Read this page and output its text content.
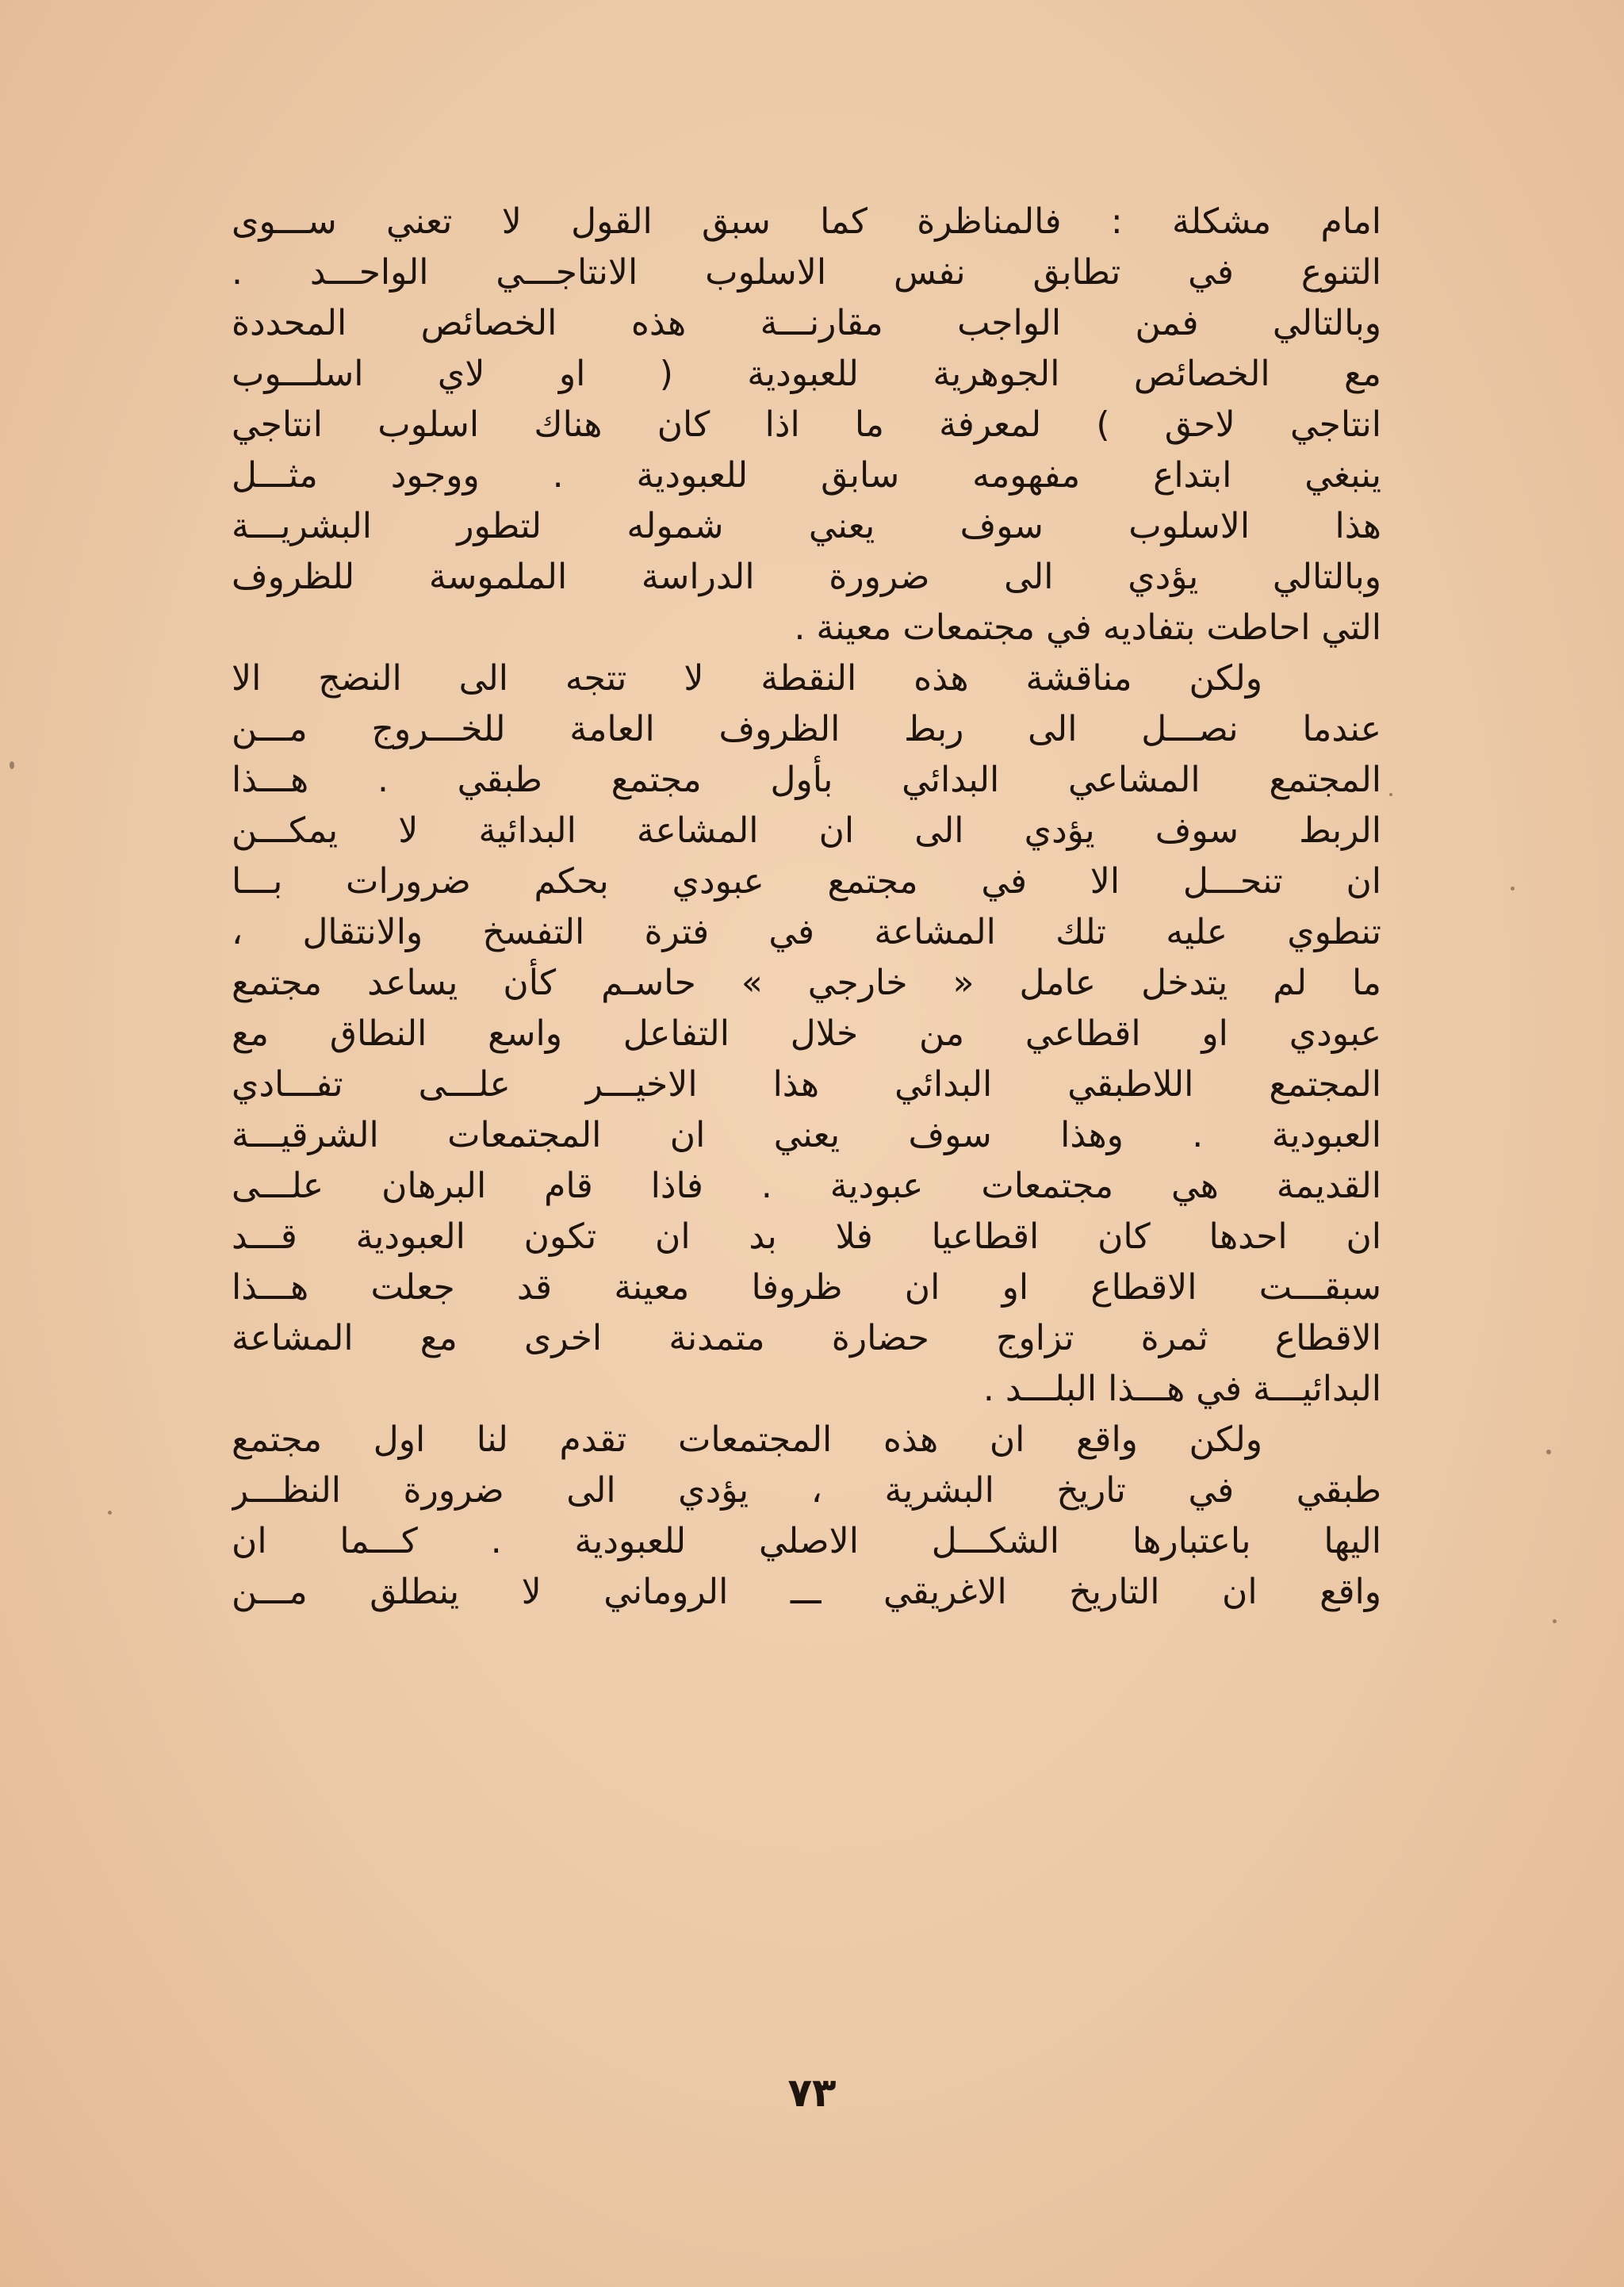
امام مشكلة : فالمناظرة كما سبق القول لا تعني ســـوى
التنوع في تطابق نفس الاسلوب الانتاجـــي الواحـــد .
وبالتالي فمن الواجب مقارنـــة هذه الخصائص المحددة
مع الخصائص الجوهرية للعبودية ( او لاي اسلـــوب
انتاجي لاحق ) لمعرفة ما اذا كان هناك اسلوب انتاجي
ينبغي ابتداع مفهومه سابق للعبودية . ووجود مثـــل
هذا الاسلوب سوف يعني شموله لتطور البشريـــة
وبالتالي يؤدي الى ضرورة الدراسة الملموسة للظروف
التي احاطت بتفاديه في مجتمعات معينة .
ولكن مناقشة هذه النقطة لا تتجه الى النضج الا
عندما نصـــل الى ربط الظروف العامة للخـــروج مـــن
المجتمع المشاعي البدائي بأول مجتمع طبقي . هـــذا
الربط سوف يؤدي الى ان المشاعة البدائية لا يمكـــن
ان تنحـــل الا في مجتمع عبودي بحكم ضرورات بـــا
تنطوي عليه تلك المشاعة في فترة التفسخ والانتقال ،
ما لم يتدخل عامل « خارجي » حاسـم كأن يساعد مجتمع
عبودي او اقطاعي من خلال التفاعل واسع النطاق مع
المجتمع اللاطبقي البدائي هذا الاخيـــر علـــى تفـــادي
العبودية . وهذا سوف يعني ان المجتمعات الشرقيـــة
القديمة هي مجتمعات عبودية . فاذا قام البرهان علـــى
ان احدها كان اقطاعيا فلا بد ان تكون العبودية قـــد
سبقـــت الاقطاع او ان ظروفا معينة قد جعلت هـــذا
الاقطاع ثمرة تزاوج حضارة متمدنة اخرى مع المشاعة
البدائيـــة في هـــذا البلـــد .
ولكن واقع ان هذه المجتمعات تقدم لنا اول مجتمع
طبقي في تاريخ البشرية ، يؤدي الى ضرورة النظـــر
اليها باعتبارها الشكـــل الاصلي للعبودية . كـــما ان
واقع ان التاريخ الاغريقي ـــ الروماني لا ينطلق مـــن
٧٣
